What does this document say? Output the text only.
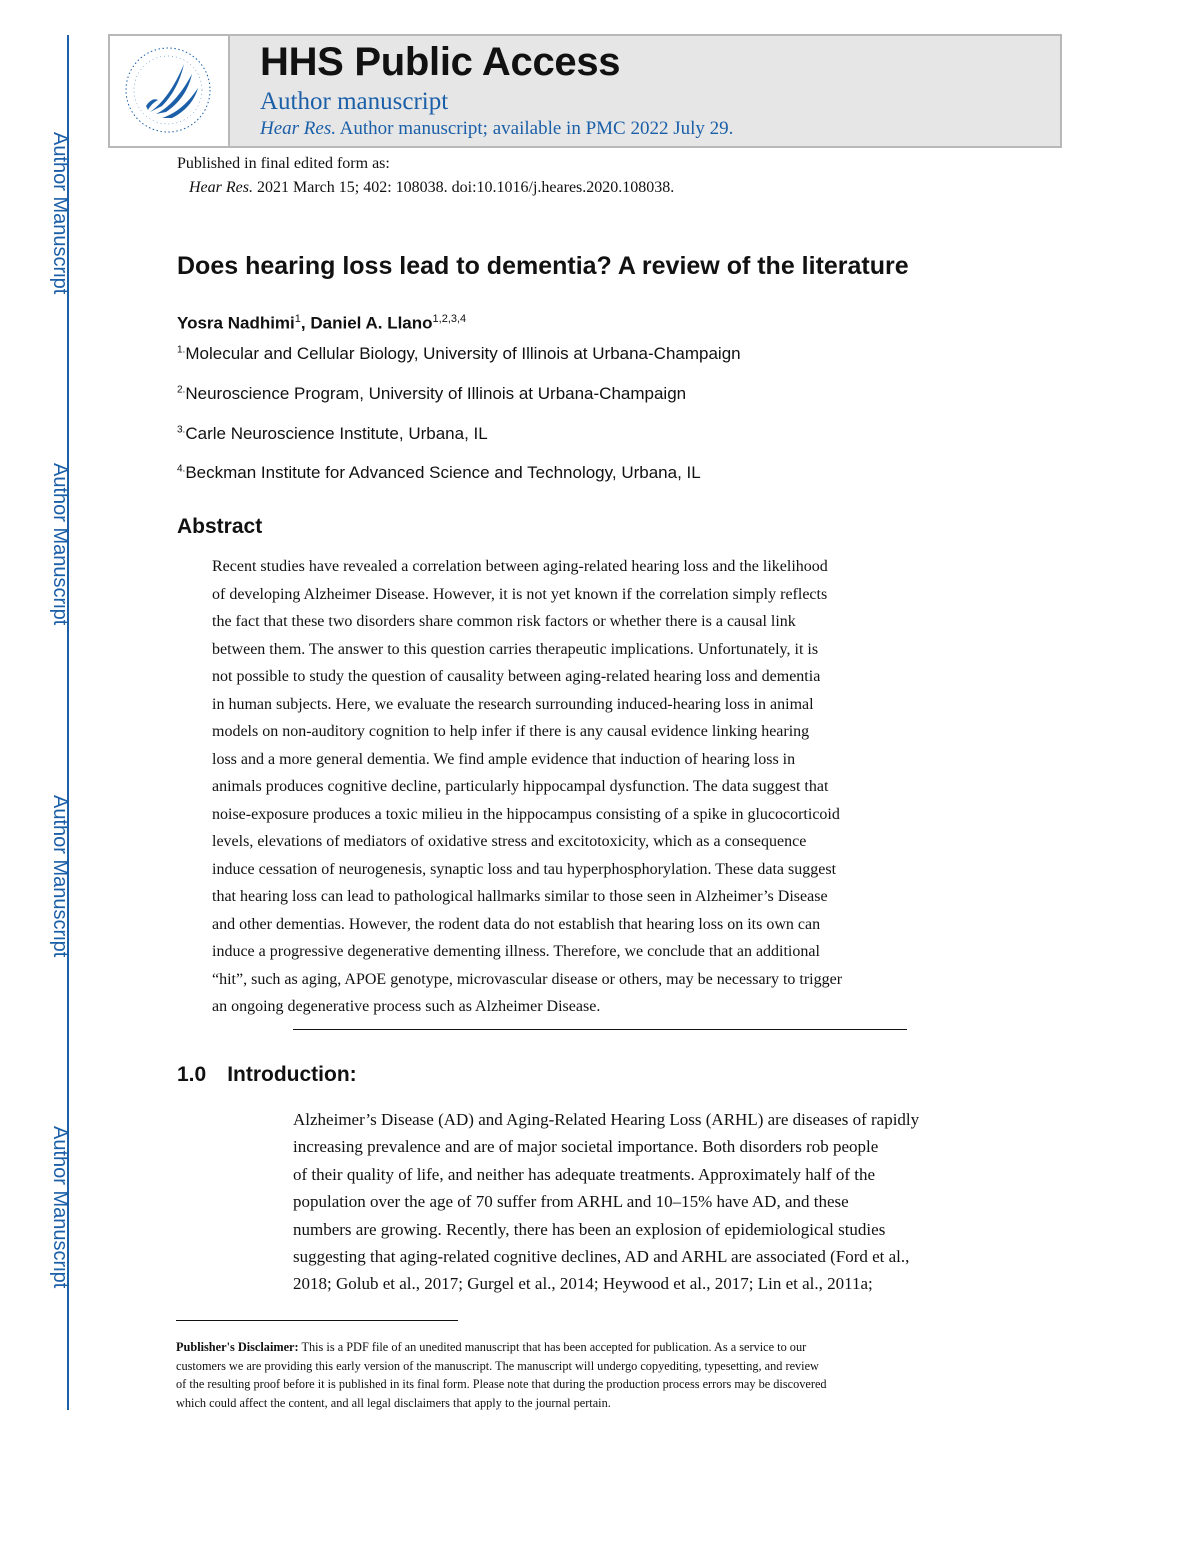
Author Manuscript
Author Manuscript
Author Manuscript
Author Manuscript
HHS Public Access
Author manuscript
Hear Res. Author manuscript; available in PMC 2022 July 29.
Published in final edited form as:
Hear Res. 2021 March 15; 402: 108038. doi:10.1016/j.heares.2020.108038.
Does hearing loss lead to dementia? A review of the literature
Yosra Nadhimi$^1$, Daniel A. Llano$^{1,2,3,4}$
$^{1.}$Molecular and Cellular Biology, University of Illinois at Urbana-Champaign
$^{2.}$Neuroscience Program, University of Illinois at Urbana-Champaign
$^{3.}$Carle Neuroscience Institute, Urbana, IL
$^{4.}$Beckman Institute for Advanced Science and Technology, Urbana, IL
Abstract
Recent studies have revealed a correlation between aging-related hearing loss and the likelihood
of developing Alzheimer Disease. However, it is not yet known if the correlation simply reflects
the fact that these two disorders share common risk factors or whether there is a causal link
between them. The answer to this question carries therapeutic implications. Unfortunately, it is
not possible to study the question of causality between aging-related hearing loss and dementia
in human subjects. Here, we evaluate the research surrounding induced-hearing loss in animal
models on non-auditory cognition to help infer if there is any causal evidence linking hearing
loss and a more general dementia. We find ample evidence that induction of hearing loss in
animals produces cognitive decline, particularly hippocampal dysfunction. The data suggest that
noise-exposure produces a toxic milieu in the hippocampus consisting of a spike in glucocorticoid
levels, elevations of mediators of oxidative stress and excitotoxicity, which as a consequence
induce cessation of neurogenesis, synaptic loss and tau hyperphosphorylation. These data suggest
that hearing loss can lead to pathological hallmarks similar to those seen in Alzheimer’s Disease
and other dementias. However, the rodent data do not establish that hearing loss on its own can
induce a progressive degenerative dementing illness. Therefore, we conclude that an additional
“hit”, such as aging, APOE genotype, microvascular disease or others, may be necessary to trigger
an ongoing degenerative process such as Alzheimer Disease.
1.0 Introduction:
Alzheimer’s Disease (AD) and Aging-Related Hearing Loss (ARHL) are diseases of rapidly
increasing prevalence and are of major societal importance. Both disorders rob people
of their quality of life, and neither has adequate treatments. Approximately half of the
population over the age of 70 suffer from ARHL and 10–15% have AD, and these
numbers are growing. Recently, there has been an explosion of epidemiological studies
suggesting that aging-related cognitive declines, AD and ARHL are associated (Ford et al.,
2018; Golub et al., 2017; Gurgel et al., 2014; Heywood et al., 2017; Lin et al., 2011a;
Publisher's Disclaimer: This is a PDF file of an unedited manuscript that has been accepted for publication. As a service to our
customers we are providing this early version of the manuscript. The manuscript will undergo copyediting, typesetting, and review
of the resulting proof before it is published in its final form. Please note that during the production process errors may be discovered
which could affect the content, and all legal disclaimers that apply to the journal pertain.
